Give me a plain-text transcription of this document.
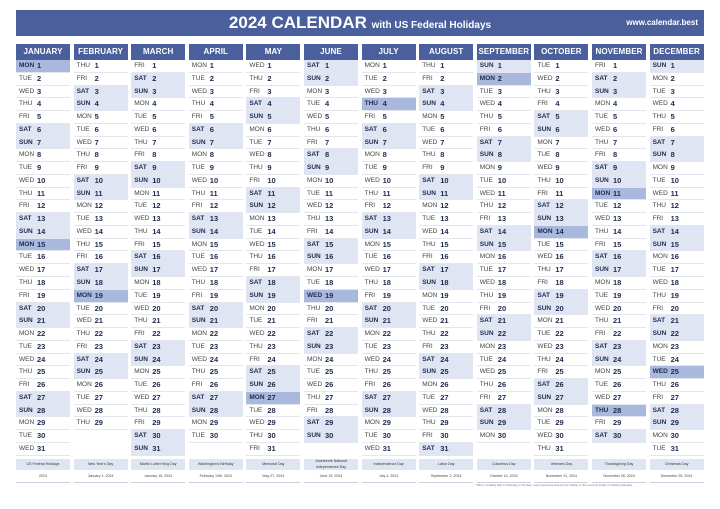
2024 CALENDAR with US Federal Holidays	www.calendar.best
JANUARY
MON 1
TUE 2
WED 3
THU 4
FRI 5
SAT 6
SUN 7
MON 8
TUE 9
WED 10
THU 11
FRI 12
SAT 13
SUN 14
MON 15
TUE 16
WED 17
THU 18
FRI 19
SAT 20
SUN 21
MON 22
TUE 23
WED 24
THU 25
FRI 26
SAT 27
SUN 28
MON 29
TUE 30
WED 31
FEBRUARY
THU 1
FRI 2
SAT 3
SUN 4
MON 5
TUE 6
WED 7
THU 8
FRI 9
SAT 10
SUN 11
MON 12
TUE 13
WED 14
THU 15
FRI 16
SAT 17
SUN 18
MON 19
TUE 20
WED 21
THU 22
FRI 23
SAT 24
SUN 25
MON 26
TUE 27
WED 28
THU 29
MARCH
FRI 1
SAT 2
SUN 3
MON 4
TUE 5
WED 6
THU 7
FRI 8
SAT 9
SUN 10
MON 11
TUE 12
WED 13
THU 14
FRI 15
SAT 16
SUN 17
MON 18
TUE 19
WED 20
THU 21
FRI 22
SAT 23
SUN 24
MON 25
TUE 26
WED 27
THU 28
FRI 29
SAT 30
SUN 31
APRIL
MON 1
TUE 2
WED 3
THU 4
FRI 5
SAT 6
SUN 7
MON 8
TUE 9
WED 10
THU 11
FRI 12
SAT 13
SUN 14
MON 15
TUE 16
WED 17
THU 18
FRI 19
SAT 20
SUN 21
MON 22
TUE 23
WED 24
THU 25
FRI 26
SAT 27
SUN 28
MON 29
TUE 30
MAY
WED 1
THU 2
FRI 3
SAT 4
SUN 5
MON 6
TUE 7
WED 8
THU 9
FRI 10
SAT 11
SUN 12
MON 13
TUE 14
WED 15
THU 16
FRI 17
SAT 18
SUN 19
MON 20
TUE 21
WED 22
THU 23
FRI 24
SAT 25
SUN 26
MON 27
TUE 28
WED 29
THU 30
FRI 31
JUNE
SAT 1
SUN 2
MON 3
TUE 4
WED 5
THU 6
FRI 7
SAT 8
SUN 9
MON 10
TUE 11
WED 12
THU 13
FRI 14
SAT 15
SUN 16
MON 17
TUE 18
WED 19
THU 20
FRI 21
SAT 22
SUN 23
MON 24
TUE 25
WED 26
THU 27
FRI 28
SAT 29
SUN 30
JULY
MON 1
TUE 2
WED 3
THU 4
FRI 5
SAT 6
SUN 7
MON 8
TUE 9
WED 10
THU 11
FRI 12
SAT 13
SUN 14
MON 15
TUE 16
WED 17
THU 18
FRI 19
SAT 20
SUN 21
MON 22
TUE 23
WED 24
THU 25
FRI 26
SAT 27
SUN 28
MON 29
TUE 30
WED 31
AUGUST
THU 1
FRI 2
SAT 3
SUN 4
MON 5
TUE 6
WED 7
THU 8
FRI 9
SAT 10
SUN 11
MON 12
TUE 13
WED 14
THU 15
FRI 16
SAT 17
SUN 18
MON 19
TUE 20
WED 21
THU 22
FRI 23
SAT 24
SUN 25
MON 26
TUE 27
WED 28
THU 29
FRI 30
SAT 31
SEPTEMBER
SUN 1
MON 2
TUE 3
WED 4
THU 5
FRI 6
SAT 7
SUN 8
MON 9
TUE 10
WED 11
THU 12
FRI 13
SAT 14
SUN 15
MON 16
TUE 17
WED 18
THU 19
FRI 20
SAT 21
SUN 22
MON 23
TUE 24
WED 25
THU 26
FRI 27
SAT 28
SUN 29
MON 30
OCTOBER
TUE 1
WED 2
THU 3
FRI 4
SAT 5
SUN 6
MON 7
TUE 8
WED 9
THU 10
FRI 11
SAT 12
SUN 13
MON 14
TUE 15
WED 16
THU 17
FRI 18
SAT 19
SUN 20
MON 21
TUE 22
WED 23
THU 24
FRI 25
SAT 26
SUN 27
MON 28
TUE 29
WED 30
THU 31
NOVEMBER
FRI 1
SAT 2
SUN 3
MON 4
TUE 5
WED 6
THU 7
FRI 8
SAT 9
SUN 10
MON 11
TUE 12
WED 13
THU 14
FRI 15
SAT 16
SUN 17
MON 18
TUE 19
WED 20
THU 21
FRI 22
SAT 23
SUN 24
MON 25
TUE 26
WED 27
THU 28
FRI 29
SAT 30
DECEMBER
SUN 1
MON 2
TUE 3
WED 4
THU 5
FRI 6
SAT 7
SUN 8
MON 9
TUE 10
WED 11
THU 12
FRI 13
SAT 14
SUN 15
MON 16
TUE 17
WED 18
THU 19
FRI 20
SAT 21
SUN 22
MON 23
TUE 24
WED 25
THU 26
FRI 27
SAT 28
SUN 29
MON 30
TUE 31
US Federal Holidays
2024
New Year's Day
January 1, 2024
Martin Luther King Day
January 15, 2024
Washington's Birthday
February 19th, 2024
Memorial Day
May 27, 2024
Juneteenth National Independence Day
June 19, 2024
Independence Day
July 4, 2024
Labor Day
September 2, 2024
Columbus Day
October 14, 2024
Veterans Day
November 11, 2024
Thanksgiving Day
November 28, 2024
Christmas Day
December 25, 2024
* When a holiday falls on Saturday or Sunday, most employees observe the holiday on the previous Friday or following Monday.
